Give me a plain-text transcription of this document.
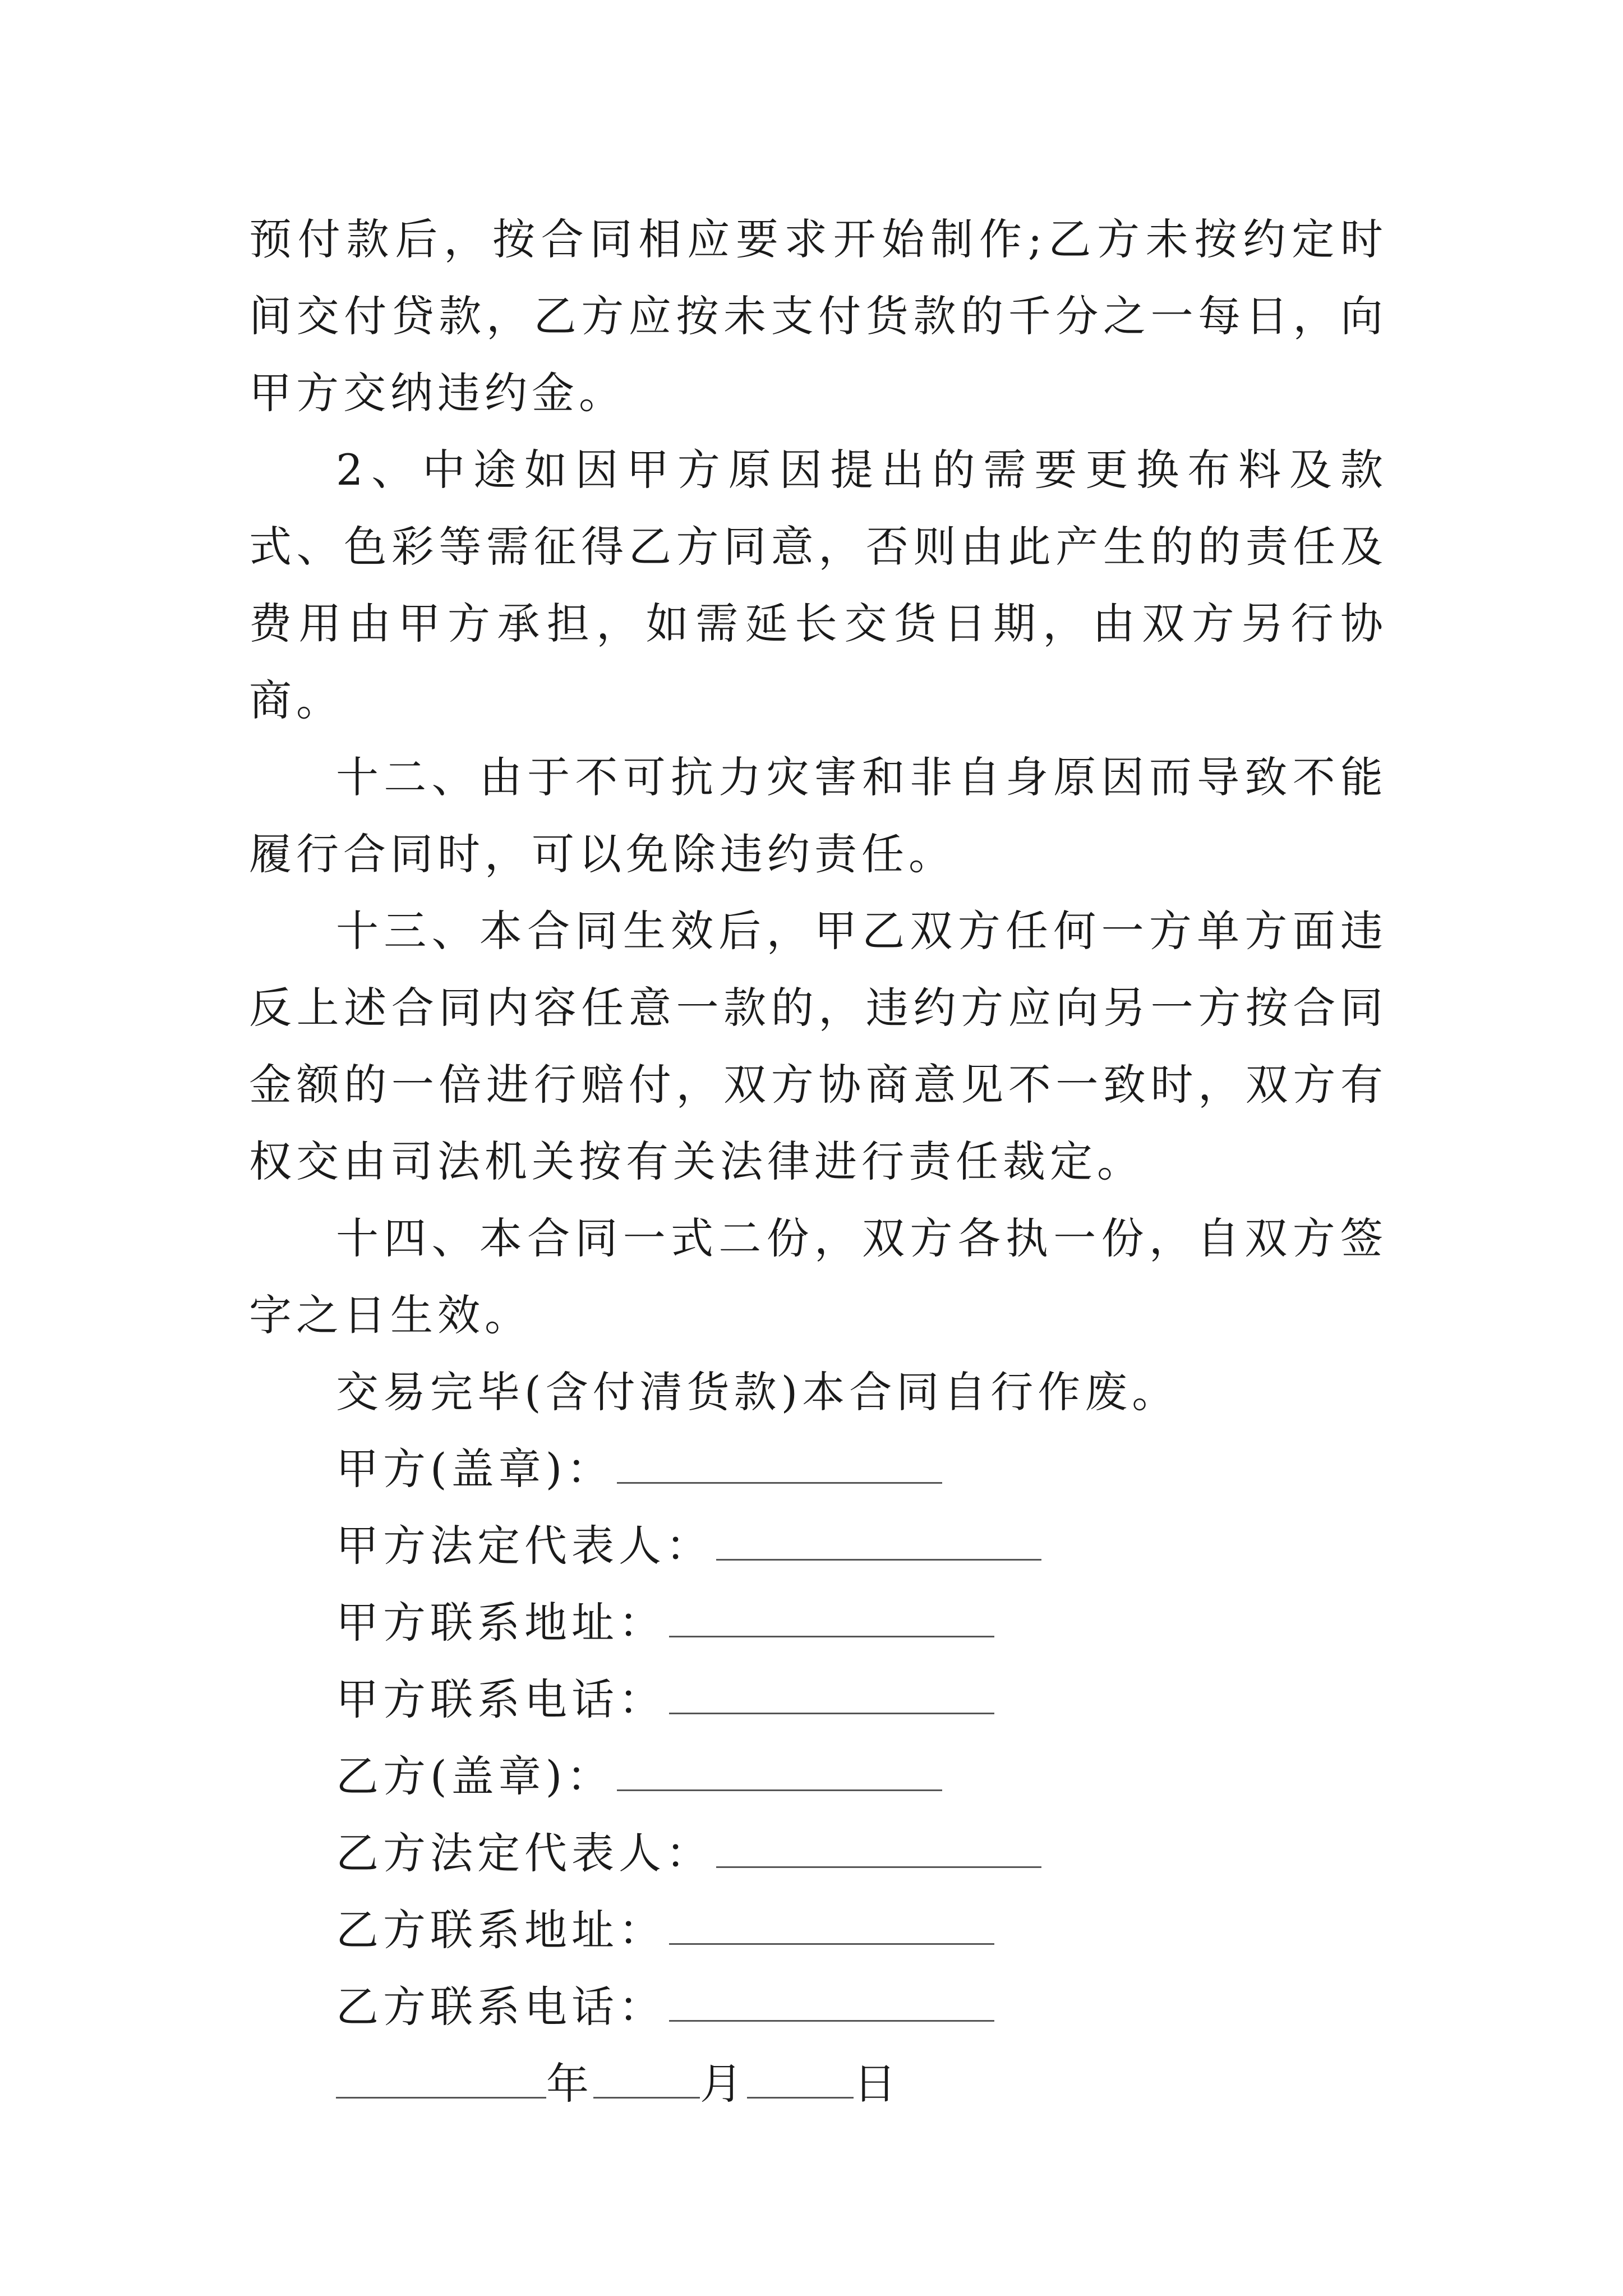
预付款后，按合同相应要求开始制作;乙方未按约定时间交付贷款，乙方应按未支付货款的千分之一每日，向甲方交纳违约金。

2、中途如因甲方原因提出的需要更换布料及款式、色彩等需征得乙方同意，否则由此产生的的责任及费用由甲方承担，如需延长交货日期，由双方另行协商。

十二、由于不可抗力灾害和非自身原因而导致不能履行合同时，可以免除违约责任。

十三、本合同生效后，甲乙双方任何一方单方面违反上述合同内容任意一款的，违约方应向另一方按合同金额的一倍进行赔付，双方协商意见不一致时，双方有权交由司法机关按有关法律进行责任裁定。

十四、本合同一式二份，双方各执一份，自双方签字之日生效。

交易完毕(含付清货款)本合同自行作废。

甲方(盖章)：
甲方法定代表人：
甲方联系地址：
甲方联系电话：
乙方(盖章)：
乙方法定代表人：
乙方联系地址：
乙方联系电话：
年	月	日
